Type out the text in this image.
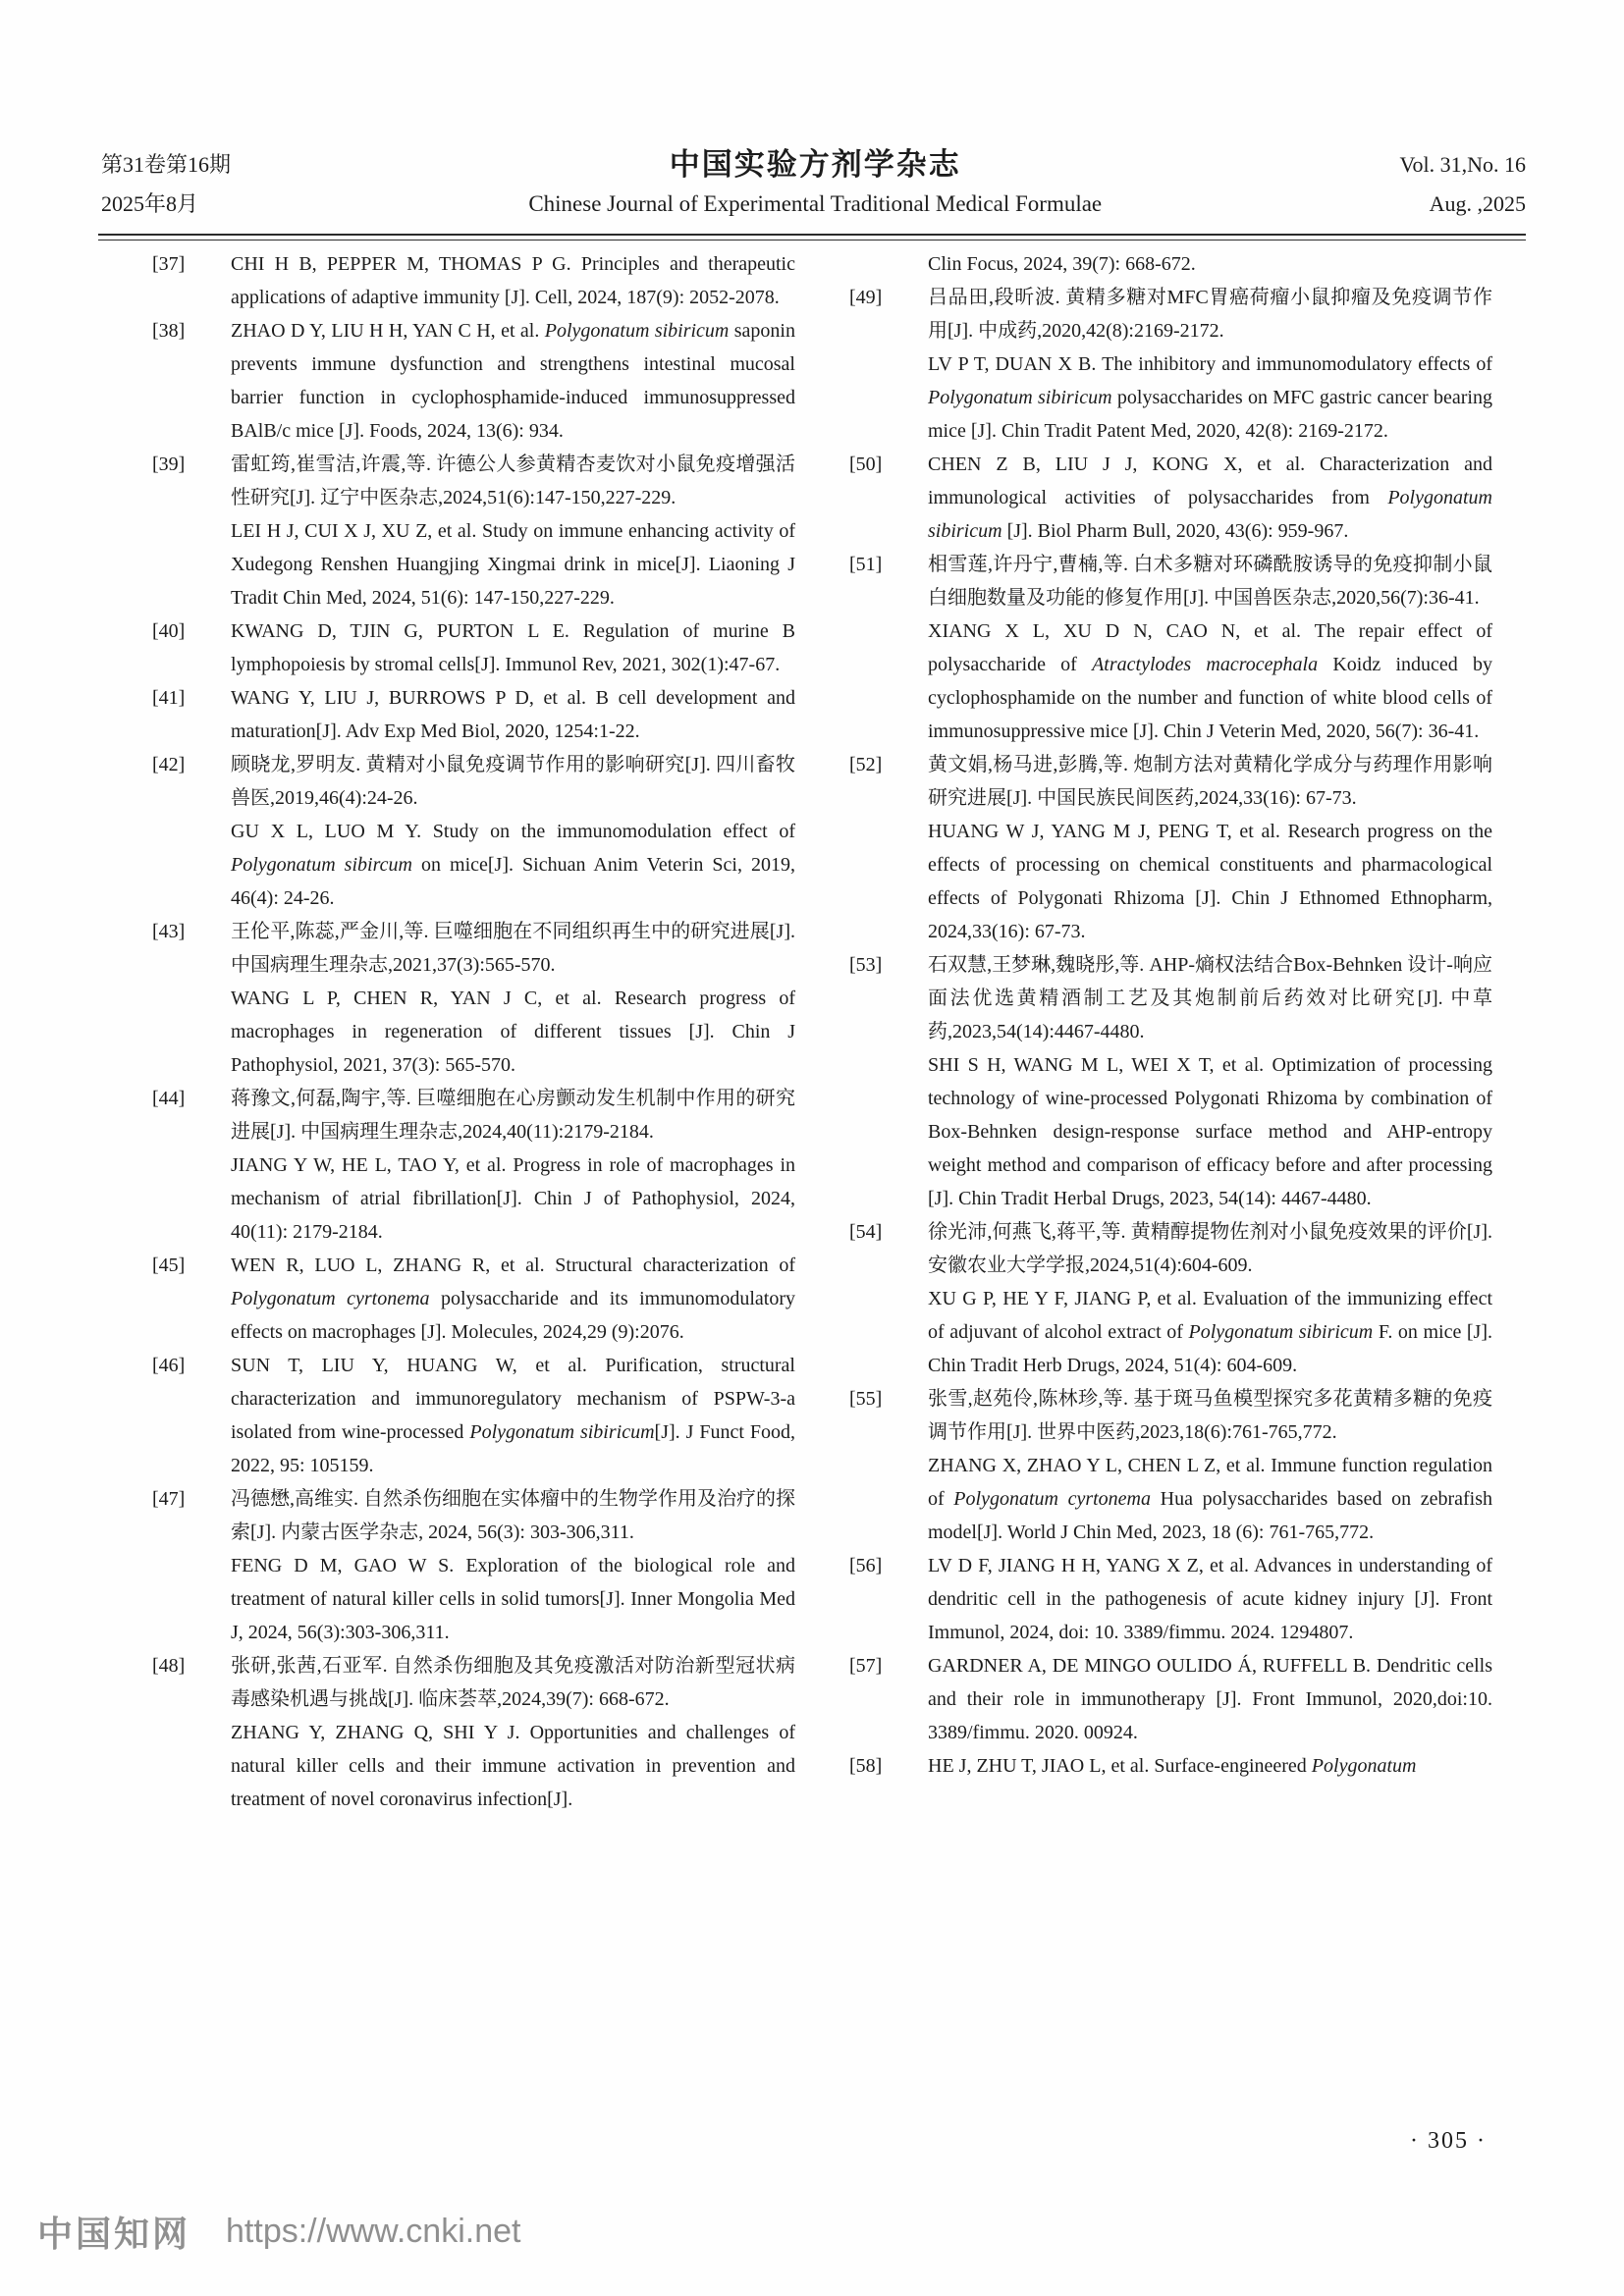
第31卷第16期
2025年8月
中国实验方剂学杂志
Chinese Journal of Experimental Traditional Medical Formulae
Vol. 31,No. 16
Aug. ,2025
[37]	CHI H B, PEPPER M, THOMAS P G. Principles and therapeutic applications of adaptive immunity [J]. Cell, 2024, 187(9): 2052-2078.
[38]	ZHAO D Y, LIU H H, YAN C H, et al. Polygonatum sibiricum saponin prevents immune dysfunction and strengthens intestinal mucosal barrier function in cyclophosphamide-induced immunosuppressed BAlB/c mice [J]. Foods, 2024, 13(6): 934.
[39]	雷虹筠,崔雪洁,许震,等. 许德公人参黄精杏麦饮对小鼠免疫增强活性研究[J]. 辽宁中医杂志,2024,51(6):147-150,227-229.
LEI H J, CUI X J, XU Z, et al. Study on immune enhancing activity of Xudegong Renshen Huangjing Xingmai drink in mice[J]. Liaoning J Tradit Chin Med, 2024, 51(6): 147-150,227-229.
[40]	KWANG D, TJIN G, PURTON L E. Regulation of murine B lymphopoiesis by stromal cells[J]. Immunol Rev, 2021, 302(1):47-67.
[41]	WANG Y, LIU J, BURROWS P D, et al. B cell development and maturation[J]. Adv Exp Med Biol, 2020, 1254:1-22.
[42]	顾晓龙,罗明友. 黄精对小鼠免疫调节作用的影响研究[J]. 四川畜牧兽医,2019,46(4):24-26.
GU X L, LUO M Y. Study on the immunomodulation effect of Polygonatum sibircum on mice[J]. Sichuan Anim Veterin Sci, 2019, 46(4): 24-26.
[43]	王伦平,陈蕊,严金川,等. 巨噬细胞在不同组织再生中的研究进展[J]. 中国病理生理杂志,2021,37(3):565-570.
WANG L P, CHEN R, YAN J C, et al. Research progress of macrophages in regeneration of different tissues [J]. Chin J Pathophysiol, 2021, 37(3): 565-570.
[44]	蒋豫文,何磊,陶宇,等. 巨噬细胞在心房颤动发生机制中作用的研究进展[J]. 中国病理生理杂志,2024,40(11):2179-2184.
JIANG Y W, HE L, TAO Y, et al. Progress in role of macrophages in mechanism of atrial fibrillation[J]. Chin J of Pathophysiol, 2024, 40(11): 2179-2184.
[45]	WEN R, LUO L, ZHANG R, et al. Structural characterization of Polygonatum cyrtonema polysaccharide and its immunomodulatory effects on macrophages [J]. Molecules, 2024,29 (9):2076.
[46]	SUN T, LIU Y, HUANG W, et al. Purification, structural characterization and immunoregulatory mechanism of PSPW-3-a isolated from wine-processed Polygonatum sibiricum[J]. J Funct Food, 2022, 95: 105159.
[47]	冯德懋,高维实. 自然杀伤细胞在实体瘤中的生物学作用及治疗的探索[J]. 内蒙古医学杂志, 2024, 56(3): 303-306,311.
FENG D M, GAO W S. Exploration of the biological role and treatment of natural killer cells in solid tumors[J]. Inner Mongolia Med J, 2024, 56(3):303-306,311.
[48]	张研,张茜,石亚军. 自然杀伤细胞及其免疫激活对防治新型冠状病毒感染机遇与挑战[J]. 临床荟萃,2024,39(7): 668-672.
ZHANG Y, ZHANG Q, SHI Y J. Opportunities and challenges of natural killer cells and their immune activation in prevention and treatment of novel coronavirus infection[J].
Clin Focus, 2024, 39(7): 668-672.
[49]	吕品田,段昕波. 黄精多糖对MFC胃癌荷瘤小鼠抑瘤及免疫调节作用[J]. 中成药,2020,42(8):2169-2172.
LV P T, DUAN X B. The inhibitory and immunomodulatory effects of Polygonatum sibiricum polysaccharides on MFC gastric cancer bearing mice [J]. Chin Tradit Patent Med, 2020, 42(8): 2169-2172.
[50]	CHEN Z B, LIU J J, KONG X, et al. Characterization and immunological activities of polysaccharides from Polygonatum sibiricum [J]. Biol Pharm Bull, 2020, 43(6): 959-967.
[51]	相雪莲,许丹宁,曹楠,等. 白术多糖对环磷酰胺诱导的免疫抑制小鼠白细胞数量及功能的修复作用[J]. 中国兽医杂志,2020,56(7):36-41.
XIANG X L, XU D N, CAO N, et al. The repair effect of polysaccharide of Atractylodes macrocephala Koidz induced by cyclophosphamide on the number and function of white blood cells of immunosuppressive mice [J]. Chin J Veterin Med, 2020, 56(7): 36-41.
[52]	黄文娟,杨马进,彭腾,等. 炮制方法对黄精化学成分与药理作用影响研究进展[J]. 中国民族民间医药,2024,33(16): 67-73.
HUANG W J, YANG M J, PENG T, et al. Research progress on the effects of processing on chemical constituents and pharmacological effects of Polygonati Rhizoma [J]. Chin J Ethnomed Ethnopharm, 2024,33(16): 67-73.
[53]	石双慧,王梦琳,魏晓彤,等. AHP-熵权法结合Box-Behnken 设计-响应面法优选黄精酒制工艺及其炮制前后药效对比研究[J]. 中草药,2023,54(14):4467-4480.
SHI S H, WANG M L, WEI X T, et al. Optimization of processing technology of wine-processed Polygonati Rhizoma by combination of Box-Behnken design-response surface method and AHP-entropy weight method and comparison of efficacy before and after processing [J]. Chin Tradit Herbal Drugs, 2023, 54(14): 4467-4480.
[54]	徐光沛,何燕飞,蒋平,等. 黄精醇提物佐剂对小鼠免疫效果的评价[J]. 安徽农业大学学报,2024,51(4):604-609.
XU G P, HE Y F, JIANG P, et al. Evaluation of the immunizing effect of adjuvant of alcohol extract of Polygonatum sibiricum F. on mice [J]. Chin Tradit Herb Drugs, 2024, 51(4): 604-609.
[55]	张雪,赵苑伶,陈林珍,等. 基于斑马鱼模型探究多花黄精多糖的免疫调节作用[J]. 世界中医药,2023,18(6):761-765,772.
ZHANG X, ZHAO Y L, CHEN L Z, et al. Immune function regulation of Polygonatum cyrtonema Hua polysaccharides based on zebrafish model[J]. World J Chin Med, 2023, 18 (6): 761-765,772.
[56]	LV D F, JIANG H H, YANG X Z, et al. Advances in understanding of dendritic cell in the pathogenesis of acute kidney injury [J]. Front Immunol, 2024, doi: 10. 3389/fimmu. 2024. 1294807.
[57]	GARDNER A, DE MINGO OULIDO Á, RUFFELL B. Dendritic cells and their role in immunotherapy [J]. Front Immunol, 2020,doi:10. 3389/fimmu. 2020. 00924.
[58]	HE J, ZHU T, JIAO L, et al. Surface-engineered Polygonatum
· 305 ·
中国知网 https://www.cnki.net
